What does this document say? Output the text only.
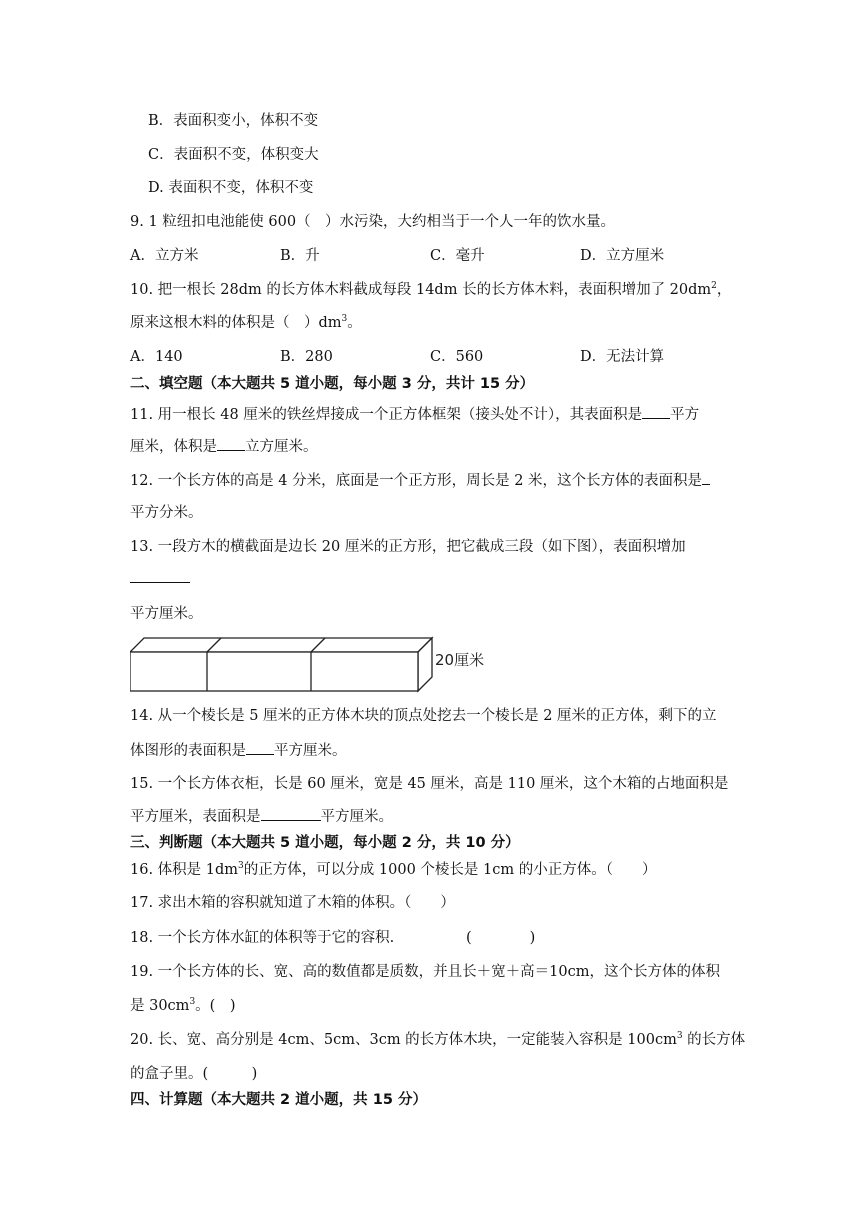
B．表面积变小，体积不变
C．表面积不变，体积变大
D. 表面积不变，体积不变
9. 1 粒纽扣电池能使 600（　）水污染，大约相当于一个人一年的饮水量。
A．立方米	B．升	C．毫升	D．立方厘米
10. 把一根长 28dm 的长方体木料截成每段 14dm 长的长方体木料，表面积增加了 $20dm^2$，
原来这根木料的体积是（　）$dm^3$。
A．140	B．280	C．560	D．无法计算
二、填空题（本大题共 5 道小题，每小题 3 分，共计 15 分）
11. 用一根长 48 厘米的铁丝焊接成一个正方体框架（接头处不计），其表面积是 平方
厘米，体积是 立方厘米。
12. 一个长方体的高是 4 分米，底面是一个正方形，周长是 2 米，这个长方体的表面积是
平方分米。
13. 一段方木的横截面是边长 20 厘米的正方形，把它截成三段（如下图），表面积增加
平方厘米。
20厘米
14. 从一个棱长是 5 厘米的正方体木块的顶点处挖去一个棱长是 2 厘米的正方体，剩下的立
体图形的表面积是 平方厘米。
15. 一个长方体衣柜，长是 60 厘米，宽是 45 厘米，高是 110 厘米，这个木箱的占地面积是
平方厘米，表面积是	平方厘米。
三、判断题（本大题共 5 道小题，每小题 2 分，共 10 分）
16. 体积是 $1dm^3$的正方体，可以分成 1000 个棱长是 1cm 的小正方体。（　　）
17. 求出木箱的容积就知道了木箱的体积。（　　）
18. 一个长方体水缸的体积等于它的容积.	(　　　　)
19. 一个长方体的长、宽、高的数值都是质数，并且长＋宽＋高＝10cm，这个长方体的体积
是 $30cm^3$。(　)
20. 长、宽、高分别是 4cm、5cm、3cm 的长方体木块，一定能装入容积是 $100cm^3$ 的长方体
的盒子里。(　　　)
四、计算题（本大题共 2 道小题，共 15 分）
